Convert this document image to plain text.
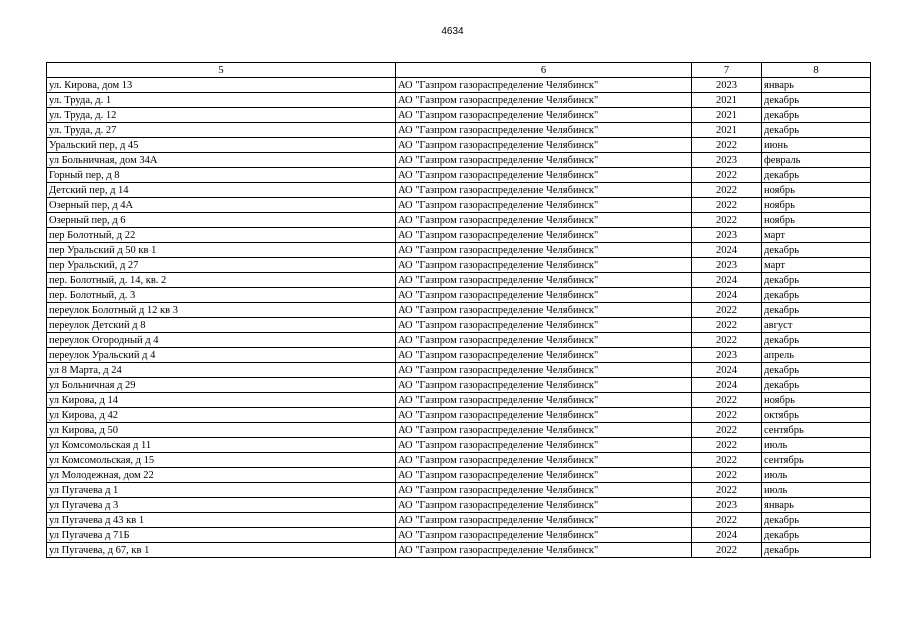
4634
5	6	7	8
ул. Кирова, дом 13	АО "Газпром газораспределение Челябинск"	2023	январь
ул. Труда, д. 1	АО "Газпром газораспределение Челябинск"	2021	декабрь
ул. Труда, д. 12	АО "Газпром газораспределение Челябинск"	2021	декабрь
ул. Труда, д. 27	АО "Газпром газораспределение Челябинск"	2021	декабрь
Уральский пер, д 45	АО "Газпром газораспределение Челябинск"	2022	июнь
ул Больничная, дом 34А	АО "Газпром газораспределение Челябинск"	2023	февраль
Горный пер, д 8	АО "Газпром газораспределение Челябинск"	2022	декабрь
Детский пер, д 14	АО "Газпром газораспределение Челябинск"	2022	ноябрь
Озерный пер, д 4А	АО "Газпром газораспределение Челябинск"	2022	ноябрь
Озерный пер, д 6	АО "Газпром газораспределение Челябинск"	2022	ноябрь
пер Болотный, д 22	АО "Газпром газораспределение Челябинск"	2023	март
пер Уральский д 50 кв 1	АО "Газпром газораспределение Челябинск"	2024	декабрь
пер Уральский, д 27	АО "Газпром газораспределение Челябинск"	2023	март
пер. Болотный, д. 14, кв. 2	АО "Газпром газораспределение Челябинск"	2024	декабрь
пер. Болотный, д. 3	АО "Газпром газораспределение Челябинск"	2024	декабрь
переулок Болотный д 12 кв 3	АО "Газпром газораспределение Челябинск"	2022	декабрь
переулок Детский д 8	АО "Газпром газораспределение Челябинск"	2022	август
переулок Огородный д 4	АО "Газпром газораспределение Челябинск"	2022	декабрь
переулок Уральский д 4	АО "Газпром газораспределение Челябинск"	2023	апрель
ул 8 Марта, д 24	АО "Газпром газораспределение Челябинск"	2024	декабрь
ул Больничная д 29	АО "Газпром газораспределение Челябинск"	2024	декабрь
ул Кирова, д 14	АО "Газпром газораспределение Челябинск"	2022	ноябрь
ул Кирова, д 42	АО "Газпром газораспределение Челябинск"	2022	октябрь
ул Кирова, д 50	АО "Газпром газораспределение Челябинск"	2022	сентябрь
ул Комсомольская д 11	АО "Газпром газораспределение Челябинск"	2022	июль
ул Комсомольская, д 15	АО "Газпром газораспределение Челябинск"	2022	сентябрь
ул Молодежная, дом 22	АО "Газпром газораспределение Челябинск"	2022	июль
ул Пугачева д 1	АО "Газпром газораспределение Челябинск"	2022	июль
ул Пугачева д 3	АО "Газпром газораспределение Челябинск"	2023	январь
ул Пугачева д 43 кв 1	АО "Газпром газораспределение Челябинск"	2022	декабрь
ул Пугачева д 71Б	АО "Газпром газораспределение Челябинск"	2024	декабрь
ул Пугачева, д 67, кв 1	АО "Газпром газораспределение Челябинск"	2022	декабрь
